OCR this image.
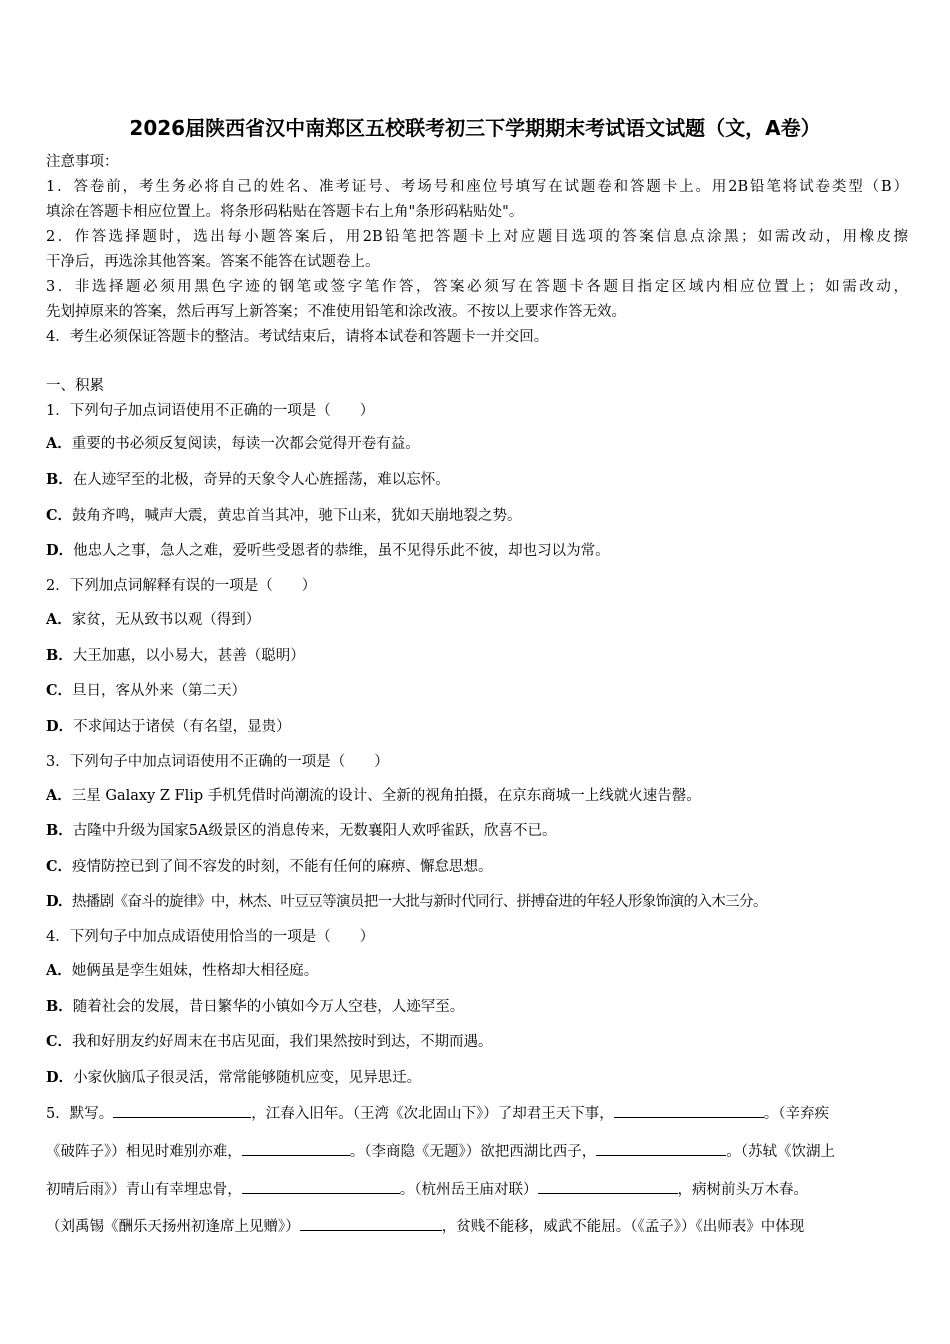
2026届陕西省汉中南郑区五校联考初三下学期期末考试语文试题（文，A卷）
注意事项：
1．答卷前，考生务必将自己的姓名、准考证号、考场号和座位号填写在试题卷和答题卡上。用2B铅笔将试卷类型（B）
填涂在答题卡相应位置上。将条形码粘贴在答题卡右上角"条形码粘贴处"。
2．作答选择题时，选出每小题答案后，用2B铅笔把答题卡上对应题目选项的答案信息点涂黑；如需改动，用橡皮擦
干净后，再选涂其他答案。答案不能答在试题卷上。
3．非选择题必须用黑色字迹的钢笔或签字笔作答，答案必须写在答题卡各题目指定区域内相应位置上；如需改动，
先划掉原来的答案，然后再写上新答案；不准使用铅笔和涂改液。不按以上要求作答无效。
4．考生必须保证答题卡的整洁。考试结束后，请将本试卷和答题卡一并交回。
一、积累
1．下列句子加点词语使用不正确的一项是（　　）
A．重要的书必须反复阅读，每读一次都会觉得开卷有益。
B．在人迹罕至的北极，奇异的天象令人心旌摇荡，难以忘怀。
C．鼓角齐鸣，喊声大震，黄忠首当其冲，驰下山来，犹如天崩地裂之势。
D．他忠人之事，急人之难，爱听些受恩者的恭维，虽不见得乐此不彼，却也习以为常。
2．下列加点词解释有误的一项是（　　）
A．家贫，无从致书以观（得到）
B．大王加惠，以小易大，甚善（聪明）
C．旦日，客从外来（第二天）
D．不求闻达于诸侯（有名望，显贵）
3．下列句子中加点词语使用不正确的一项是（　　）
A．三星 Galaxy Z Flip 手机凭借时尚潮流的设计、全新的视角拍摄，在京东商城一上线就火速告罄。
B．古隆中升级为国家5A级景区的消息传来，无数襄阳人欢呼雀跃，欣喜不已。
C．疫情防控已到了间不容发的时刻，不能有任何的麻痹、懈怠思想。
D．热播剧《奋斗的旋律》中，林杰、叶豆豆等演员把一大批与新时代同行、拼搏奋进的年轻人形象饰演的入木三分。
4．下列句子中加点成语使用恰当的一项是（　　）
A．她俩虽是孪生姐妹，性格却大相径庭。
B．随着社会的发展，昔日繁华的小镇如今万人空巷，人迹罕至。
C．我和好朋友约好周末在书店见面，我们果然按时到达，不期而遇。
D．小家伙脑瓜子很灵活，常常能够随机应变，见异思迁。
5．默写。	，江春入旧年。（王湾《次北固山下》）了却君王天下事，	。（辛弃疾
《破阵子》）相见时难别亦难，	。（李商隐《无题》）欲把西湖比西子，	。（苏轼《饮湖上
初晴后雨》）青山有幸埋忠骨，	。（杭州岳王庙对联）	，病树前头万木春。
（刘禹锡《酬乐天扬州初逢席上见赠》）	，贫贱不能移，威武不能屈。（《孟子》）《出师表》中体现
